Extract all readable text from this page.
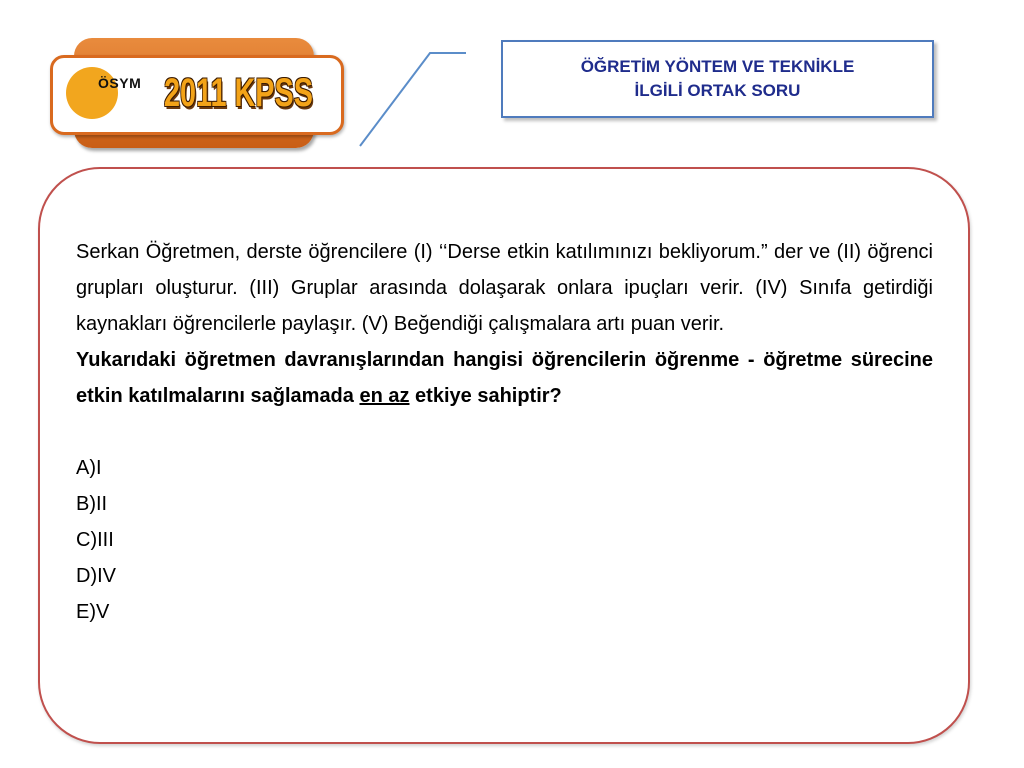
ÖSYM 2011 KPSS
ÖĞRETİM YÖNTEM VE TEKNİKLE
İLGİLİ ORTAK SORU

Serkan Öğretmen, derste öğrencilere (I) ‘‘Derse etkin katılımınızı bekliyorum.” der ve (II) öğrenci grupları oluşturur. (III) Gruplar arasında dolaşarak onlara ipuçları verir. (IV) Sınıfa getirdiği kaynakları öğrencilerle paylaşır. (V) Beğendiği çalışmalara artı puan verir.

Yukarıdaki öğretmen davranışlarından hangisi öğrencilerin öğrenme - öğretme sürecine etkin katılmalarını sağlamada en az etkiye sahiptir?

A)I
B)II
C)III
D)IV
E)V
